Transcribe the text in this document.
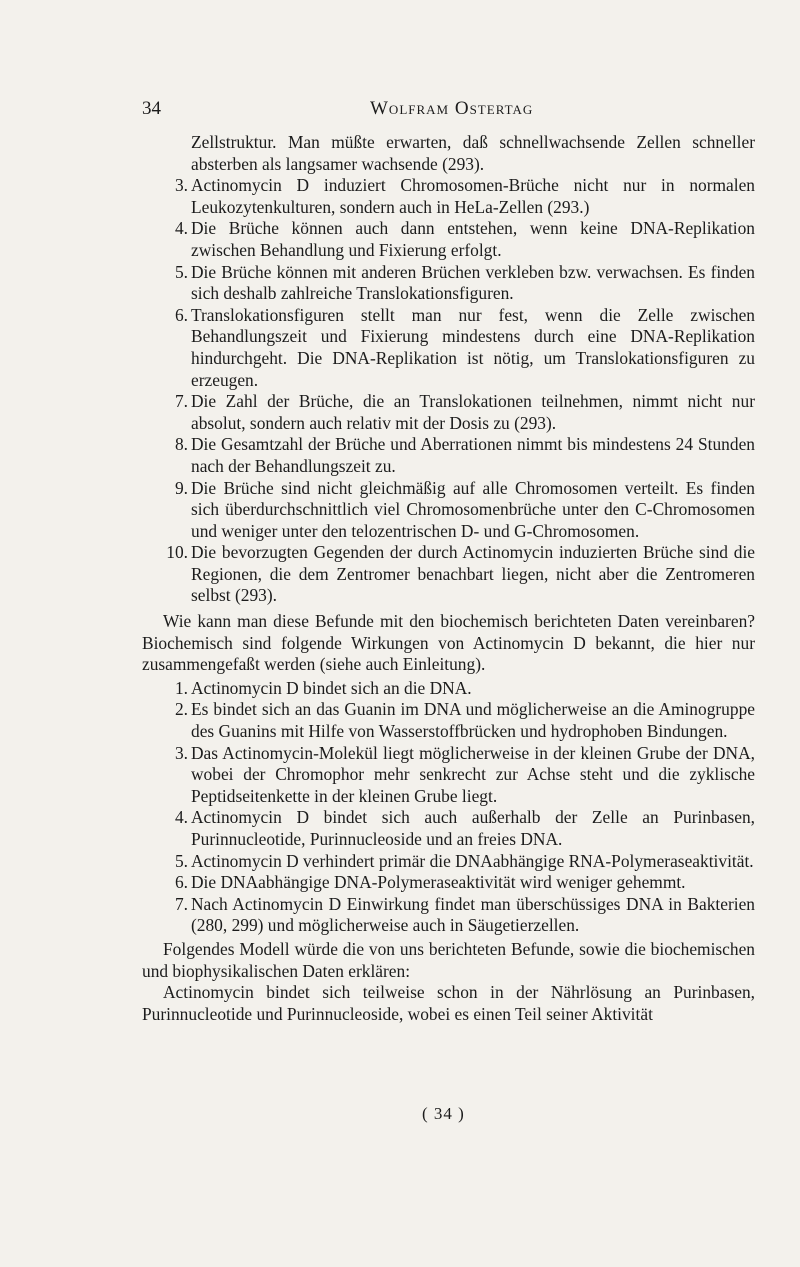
34	Wolfram Ostertag
Zellstruktur. Man müßte erwarten, daß schnellwachsende Zellen schneller absterben als langsamer wachsende (293).
3. Actinomycin D induziert Chromosomen-Brüche nicht nur in normalen Leukozytenkulturen, sondern auch in HeLa-Zellen (293.)
4. Die Brüche können auch dann entstehen, wenn keine DNA-Replikation zwischen Behandlung und Fixierung erfolgt.
5. Die Brüche können mit anderen Brüchen verkleben bzw. verwachsen. Es finden sich deshalb zahlreiche Translokationsfiguren.
6. Translokationsfiguren stellt man nur fest, wenn die Zelle zwischen Behandlungszeit und Fixierung mindestens durch eine DNA-Replikation hindurchgeht. Die DNA-Replikation ist nötig, um Translokationsfiguren zu erzeugen.
7. Die Zahl der Brüche, die an Translokationen teilnehmen, nimmt nicht nur absolut, sondern auch relativ mit der Dosis zu (293).
8. Die Gesamtzahl der Brüche und Aberrationen nimmt bis mindestens 24 Stunden nach der Behandlungszeit zu.
9. Die Brüche sind nicht gleichmäßig auf alle Chromosomen verteilt. Es finden sich überdurchschnittlich viel Chromosomenbrüche unter den C-Chromosomen und weniger unter den telozentrischen D- und G-Chromosomen.
10. Die bevorzugten Gegenden der durch Actinomycin induzierten Brüche sind die Regionen, die dem Zentromer benachbart liegen, nicht aber die Zentromeren selbst (293).

Wie kann man diese Befunde mit den biochemisch berichteten Daten vereinbaren? Biochemisch sind folgende Wirkungen von Actinomycin D bekannt, die hier nur zusammengefaßt werden (siehe auch Einleitung).

1. Actinomycin D bindet sich an die DNA.
2. Es bindet sich an das Guanin im DNA und möglicherweise an die Aminogruppe des Guanins mit Hilfe von Wasserstoffbrücken und hydrophoben Bindungen.
3. Das Actinomycin-Molekül liegt möglicherweise in der kleinen Grube der DNA, wobei der Chromophor mehr senkrecht zur Achse steht und die zyklische Peptidseitenkette in der kleinen Grube liegt.
4. Actinomycin D bindet sich auch außerhalb der Zelle an Purinbasen, Purinnucleotide, Purinnucleoside und an freies DNA.
5. Actinomycin D verhindert primär die DNAabhängige RNA-Polymeraseaktivität.
6. Die DNAabhängige DNA-Polymeraseaktivität wird weniger gehemmt.
7. Nach Actinomycin D Einwirkung findet man überschüssiges DNA in Bakterien (280, 299) und möglicherweise auch in Säugetierzellen.

Folgendes Modell würde die von uns berichteten Befunde, sowie die biochemischen und biophysikalischen Daten erklären:

Actinomycin bindet sich teilweise schon in der Nährlösung an Purinbasen, Purinnucleotide und Purinnucleoside, wobei es einen Teil seiner Aktivität

( 34 )
